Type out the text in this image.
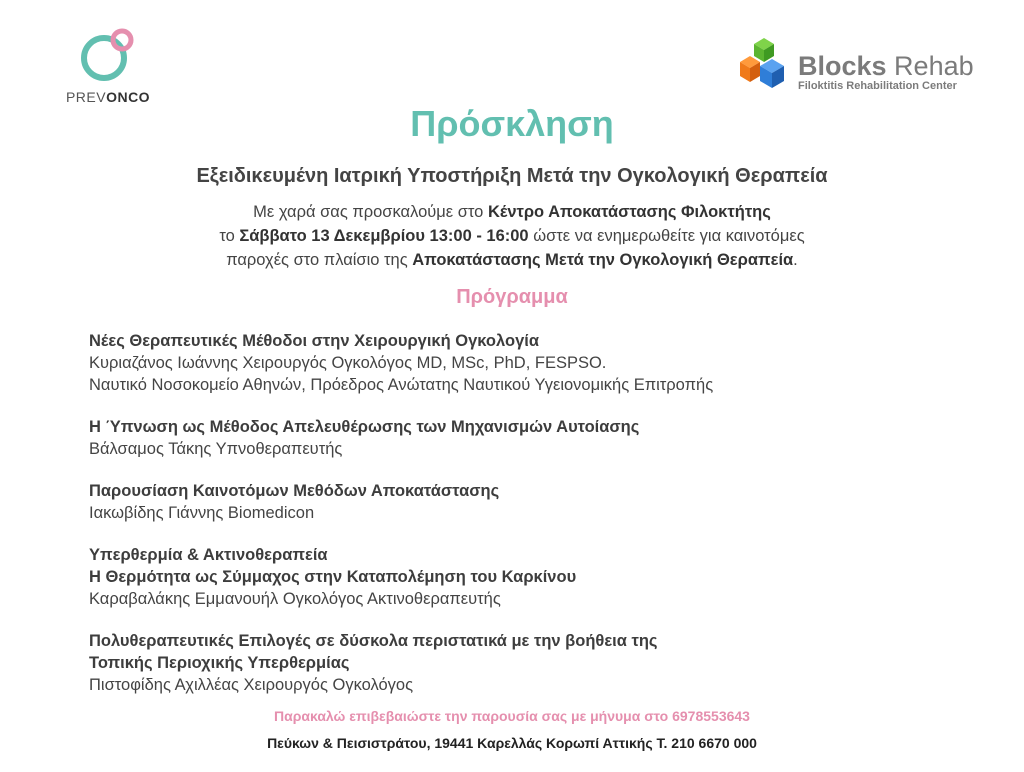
PREVONCO
Blocks Rehab
Filoktitis Rehabilitation Center
Πρόσκληση
Εξειδικευμένη Ιατρική Υποστήριξη Μετά την Ογκολογική Θεραπεία
Με χαρά σας προσκαλούμε στο Κέντρο Αποκατάστασης Φιλοκτήτης
το Σάββατο 13 Δεκεμβρίου 13:00 - 16:00 ώστε να ενημερωθείτε για καινοτόμες
παροχές στο πλαίσιο της Αποκατάστασης Μετά την Ογκολογική Θεραπεία.
Πρόγραμμα
Νέες Θεραπευτικές Μέθοδοι στην Χειρουργική Ογκολογία
Κυριαζάνος Ιωάννης Χειρουργός Ογκολόγος MD, MSc, PhD, FESPSO.
Ναυτικό Νοσοκομείο Αθηνών, Πρόεδρος Ανώτατης Ναυτικού Υγειονομικής Επιτροπής
Η Ύπνωση ως Μέθοδος Απελευθέρωσης των Μηχανισμών Αυτοίασης
Βάλσαμος Τάκης Υπνοθεραπευτής
Παρουσίαση Καινοτόμων Μεθόδων Αποκατάστασης
Ιακωβίδης Γιάννης Biomedicon
Υπερθερμία & Ακτινοθεραπεία
Η Θερμότητα ως Σύμμαχος στην Καταπολέμηση του Καρκίνου
Καραβαλάκης Εμμανουήλ Ογκολόγος Ακτινοθεραπευτής
Πολυθεραπευτικές Επιλογές σε δύσκολα περιστατικά με την βοήθεια της
Τοπικής Περιοχικής Υπερθερμίας
Πιστοφίδης Αχιλλέας Χειρουργός Ογκολόγος
Παρακαλώ επιβεβαιώστε την παρουσία σας με μήνυμα στο 6978553643
Πεύκων & Πεισιστράτου, 19441 Καρελλάς Κορωπί Αττικής Τ. 210 6670 000
